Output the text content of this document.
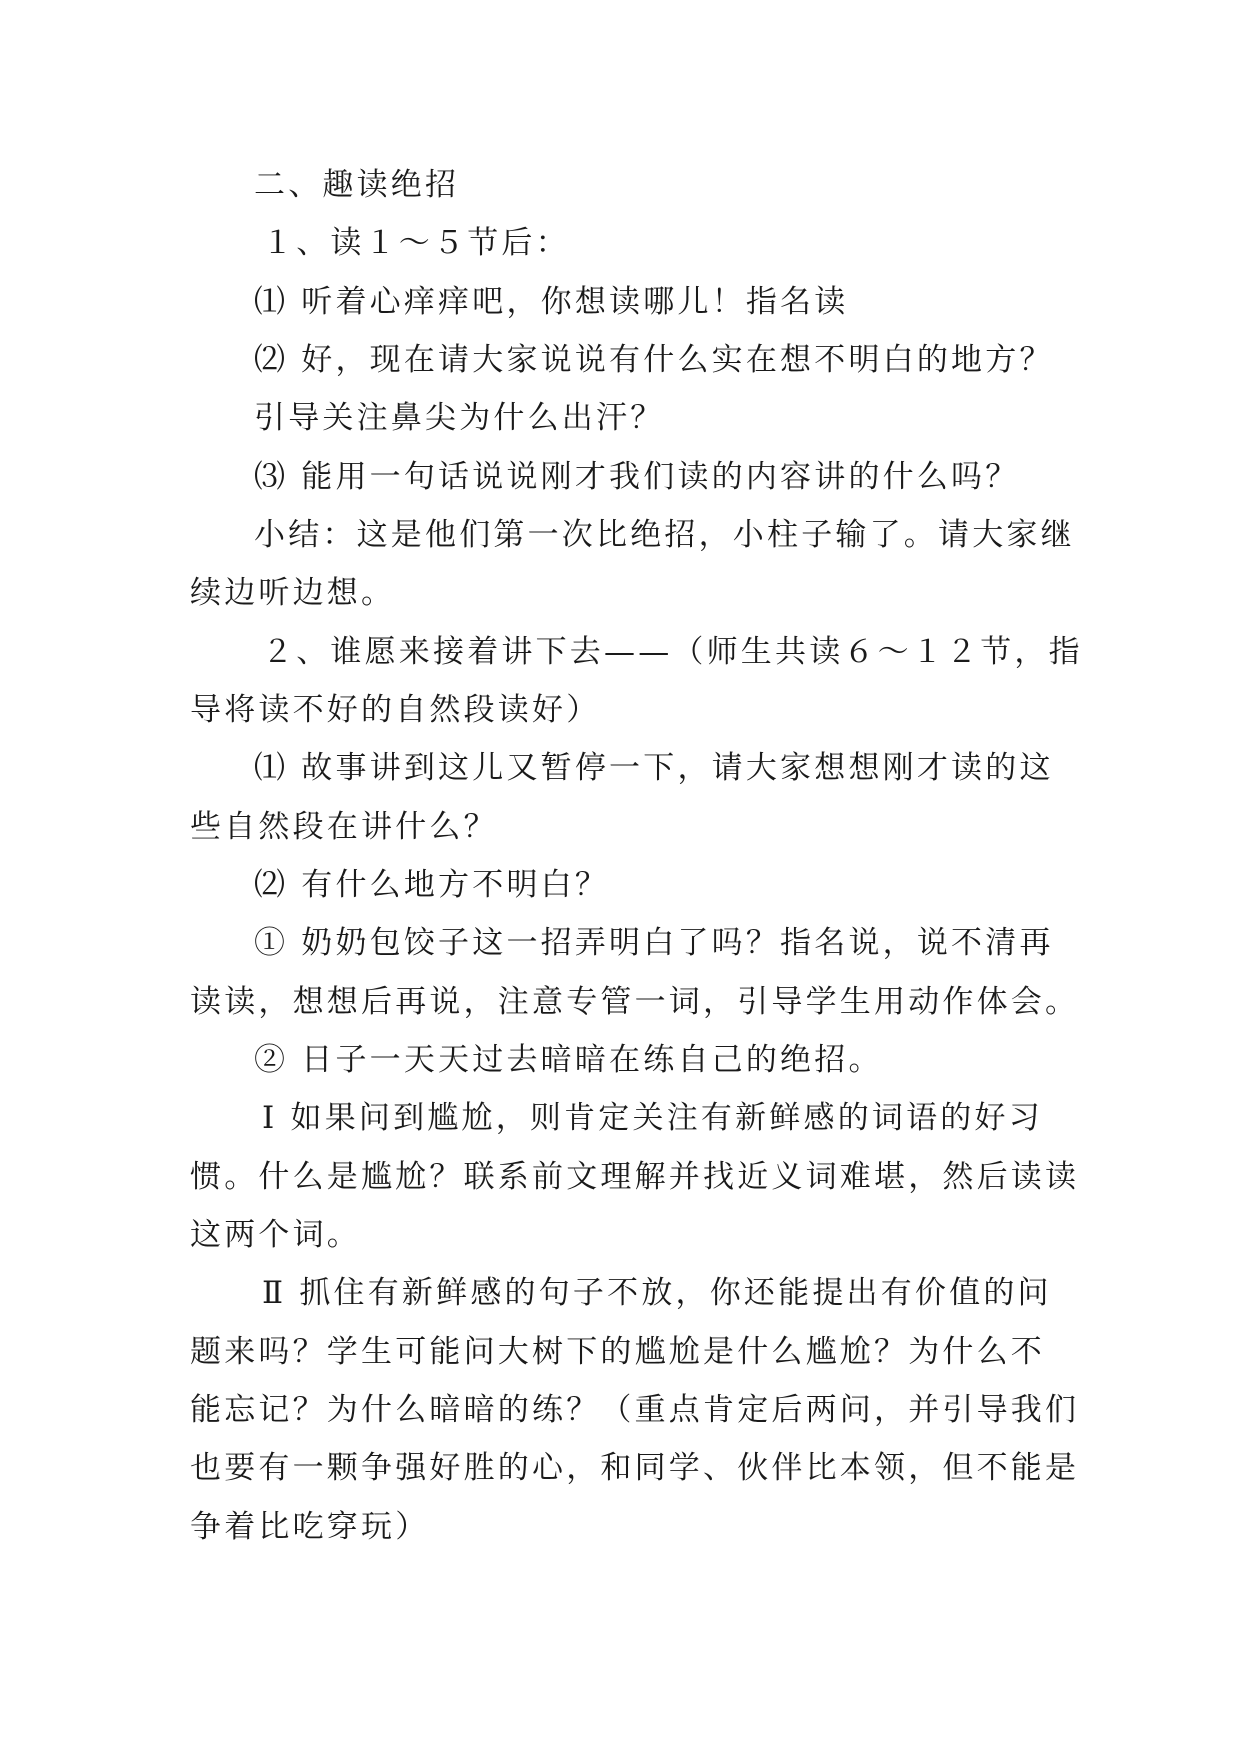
二、趣读绝招
１、读１～５节后：
⑴ 听着心痒痒吧，你想读哪儿！指名读
⑵ 好，现在请大家说说有什么实在想不明白的地方？
引导关注鼻尖为什么出汗？
⑶ 能用一句话说说刚才我们读的内容讲的什么吗？
小结：这是他们第一次比绝招，小柱子输了。请大家继
续边听边想。
２、谁愿来接着讲下去——（师生共读６～１２节，指
导将读不好的自然段读好）
⑴ 故事讲到这儿又暂停一下，请大家想想刚才读的这
些自然段在讲什么？
⑵ 有什么地方不明白？
① 奶奶包饺子这一招弄明白了吗？指名说，说不清再
读读，想想后再说，注意专管一词，引导学生用动作体会。
② 日子一天天过去暗暗在练自己的绝招。
Ⅰ 如果问到尴尬，则肯定关注有新鲜感的词语的好习
惯。什么是尴尬？联系前文理解并找近义词难堪，然后读读
这两个词。
Ⅱ 抓住有新鲜感的句子不放，你还能提出有价值的问
题来吗？学生可能问大树下的尴尬是什么尴尬？为什么不
能忘记？为什么暗暗的练？（重点肯定后两问，并引导我们
也要有一颗争强好胜的心，和同学、伙伴比本领，但不能是
争着比吃穿玩）
